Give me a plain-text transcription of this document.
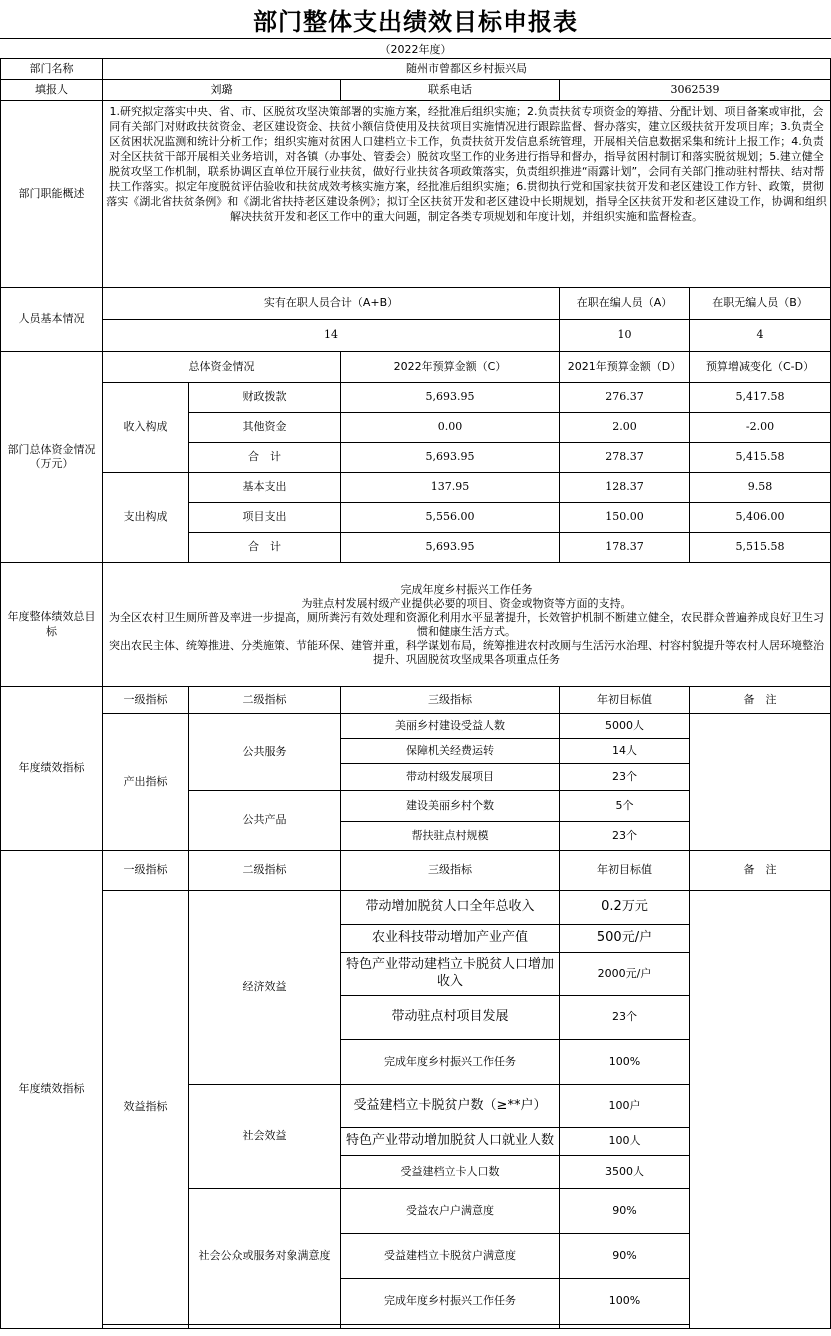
部门整体支出绩效目标申报表
（2022年度）
部门名称	随州市曾都区乡村振兴局				
填报人	刘璐		联系电话	3062539	
部门职能概述	1.研究拟定落实中央、省、市、区脱贫攻坚决策部署的实施方案，经批准后组织实施；2.负责扶贫专项资金的筹措、分配计划、项目备案或审批，会同有关部门对财政扶贫资金、老区建设资金、扶贫小额信贷使用及扶贫项目实施情况进行跟踪监督、督办落实，建立区级扶贫开发项目库；3.负责全区贫困状况监测和统计分析工作；组织实施对贫困人口建档立卡工作，负责扶贫开发信息系统管理，开展相关信息数据采集和统计上报工作；4.负责对全区扶贫干部开展相关业务培训，对各镇（办事处、管委会）脱贫攻坚工作的业务进行指导和督办，指导贫困村制订和落实脱贫规划；5.建立健全脱贫攻坚工作机制，联系协调区直单位开展行业扶贫，做好行业扶贫各项政策落实，负责组织推进“雨露计划”，会同有关部门推动驻村帮扶、结对帮扶工作落实。拟定年度脱贫评估验收和扶贫成效考核实施方案，经批准后组织实施；6.贯彻执行党和国家扶贫开发和老区建设工作方针、政策，贯彻落实《湖北省扶贫条例》和《湖北省扶持老区建设条例》；拟订全区扶贫开发和老区建设中长期规划，指导全区扶贫开发和老区建设工作，协调和组织解决扶贫开发和老区工作中的重大问题，制定各类专项规划和年度计划，并组织实施和监督检查。				
人员基本情况	实有在职人员合计（A+B）			在职在编人员（A）	在职无编人员（B）
	14			10	4
部门总体资金情况（万元）	总体资金情况		2022年预算金额（C）	2021年预算金额（D）	预算增减变化（C-D）
	收入构成	财政拨款	5,693.95	276.37	5,417.58
		其他资金	0.00	2.00	-2.00
		合　计	5,693.95	278.37	5,415.58
	支出构成	基本支出	137.95	128.37	9.58
		项目支出	5,556.00	150.00	5,406.00
		合　计	5,693.95	178.37	5,515.58
年度整体绩效总目标	完成年度乡村振兴工作任务
为驻点村发展村级产业提供必要的项目、资金或物资等方面的支持。
为全区农村卫生厕所普及率进一步提高，厕所粪污有效处理和资源化利用水平显著提升，长效管护机制不断建立健全，农民群众普遍养成良好卫生习惯和健康生活方式。
突出农民主体、统筹推进、分类施策、节能环保、建管并重，科学谋划布局，统筹推进农村改厕与生活污水治理、村容村貌提升等农村人居环境整治提升、巩固脱贫攻坚成果各项重点任务				

年度绩效指标	一级指标	二级指标	三级指标	年初目标值	备　注
	产出指标	公共服务	美丽乡村建设受益人数	5000人	
			保障机关经费运转	14人	
			带动村级发展项目	23个	
		公共产品	建设美丽乡村个数	5个	
			帮扶驻点村规模	23个	
年度绩效指标	一级指标	二级指标	三级指标	年初目标值	备　注
	效益指标	经济效益	带动增加脱贫人口全年总收入	0.2万元	
			农业科技带动增加产业产值	500元/户	
			特色产业带动建档立卡脱贫人口增加收入	2000元/户	
			带动驻点村项目发展	23个	
			完成年度乡村振兴工作任务	100%	
		社会效益	受益建档立卡脱贫户数（≥**户）	100户	
			特色产业带动增加脱贫人口就业人数	100人	
			受益建档立卡人口数	3500人	
		社会公众或服务对象满意度	受益农户户满意度	90%	
			受益建档立卡脱贫户满意度	90%	
			完成年度乡村振兴工作任务	100%	
